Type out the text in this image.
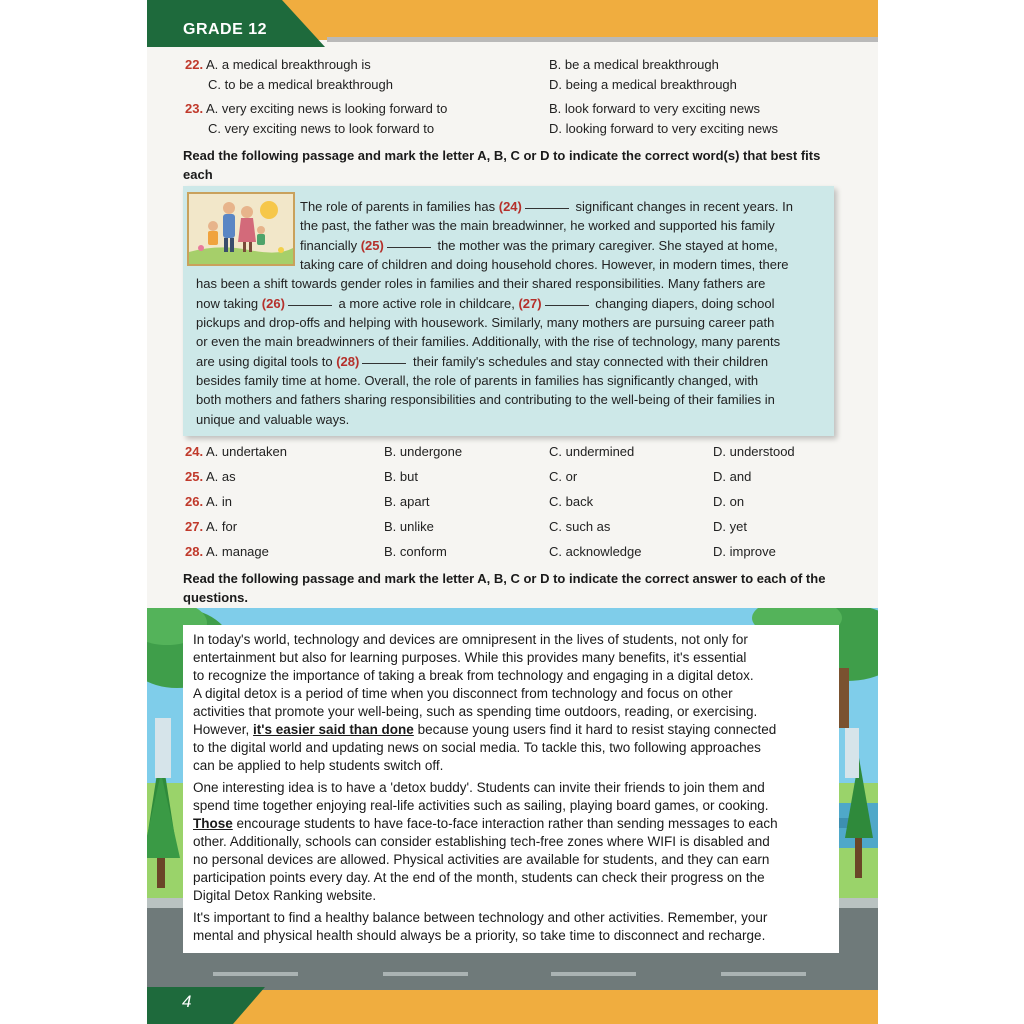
GRADE 12
22. A. a medical breakthrough is	B. be a medical breakthrough
C. to be a medical breakthrough	D. being a medical breakthrough
23. A. very exciting news is looking forward to	B. look forward to very exciting news
C. very exciting news to look forward to	D. looking forward to very exciting news
Read the following passage and mark the letter A, B, C or D to indicate the correct word(s) that best fits each
The role of parents in families has (24)	significant changes in recent years. In
the past, the father was the main breadwinner, he worked and supported his family
financially (25)	the mother was the primary caregiver. She stayed at home,
taking care of children and doing household chores. However, in modern times, there
has been a shift towards gender roles in families and their shared responsibilities. Many fathers are
now taking (26)	a more active role in childcare, (27)	changing diapers, doing school
pickups and drop-offs and helping with housework. Similarly, many mothers are pursuing career path
or even the main breadwinners of their families. Additionally, with the rise of technology, many parents
are using digital tools to (28)	their family's schedules and stay connected with their children
besides family time at home. Overall, the role of parents in families has significantly changed, with
both mothers and fathers sharing responsibilities and contributing to the well-being of their families in
unique and valuable ways.
24. A. undertaken	B. undergone	C. undermined	D. understood
25. A. as	B. but	C. or	D. and
26. A. in	B. apart	C. back	D. on
27. A. for	B. unlike	C. such as	D. yet
28. A. manage	B. conform	C. acknowledge	D. improve
Read the following passage and mark the letter A, B, C or D to indicate the correct answer to each of the
questions.
In today's world, technology and devices are omnipresent in the lives of students, not only for
entertainment but also for learning purposes. While this provides many benefits, it's essential
to recognize the importance of taking a break from technology and engaging in a digital detox.
A digital detox is a period of time when you disconnect from technology and focus on other
activities that promote your well-being, such as spending time outdoors, reading, or exercising.
However, it's easier said than done because young users find it hard to resist staying connected
to the digital world and updating news on social media. To tackle this, two following approaches
can be applied to help students switch off.
One interesting idea is to have a 'detox buddy'. Students can invite their friends to join them and
spend time together enjoying real-life activities such as sailing, playing board games, or cooking.
Those encourage students to have face-to-face interaction rather than sending messages to each
other. Additionally, schools can consider establishing tech-free zones where WIFI is disabled and
no personal devices are allowed. Physical activities are available for students, and they can earn
participation points every day. At the end of the month, students can check their progress on the
Digital Detox Ranking website.
It's important to find a healthy balance between technology and other activities. Remember, your
mental and physical health should always be a priority, so take time to disconnect and recharge.
4
